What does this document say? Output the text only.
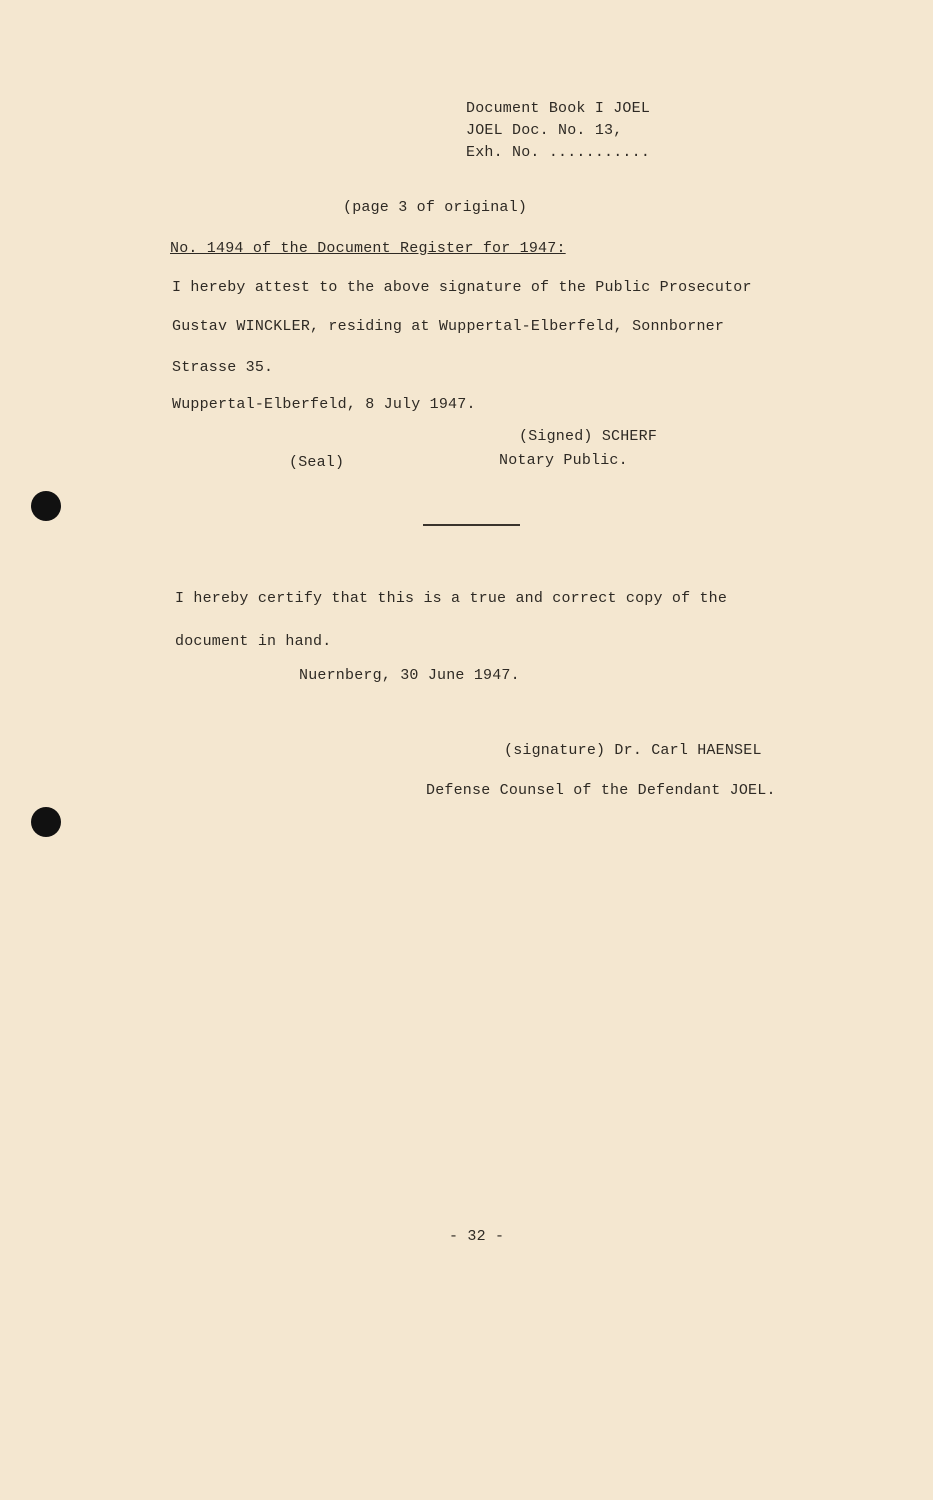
Document Book I JOEL
JOEL Doc. No. 13,
Exh. No. ...........
(page 3 of original)
No. 1494 of the Document Register for 1947:
I hereby attest to the above signature of the Public Prosecutor
Gustav WINCKLER, residing at Wuppertal-Elberfeld, Sonnborner
Strasse 35.
Wuppertal-Elberfeld, 8 July 1947.
(Signed) SCHERF
(Seal)	Notary Public.
I hereby certify that this is a true and correct copy of the
document in hand.
Nuernberg, 30 June 1947.
(signature) Dr. Carl HAENSEL
Defense Counsel of the Defendant JOEL.
- 32 -
